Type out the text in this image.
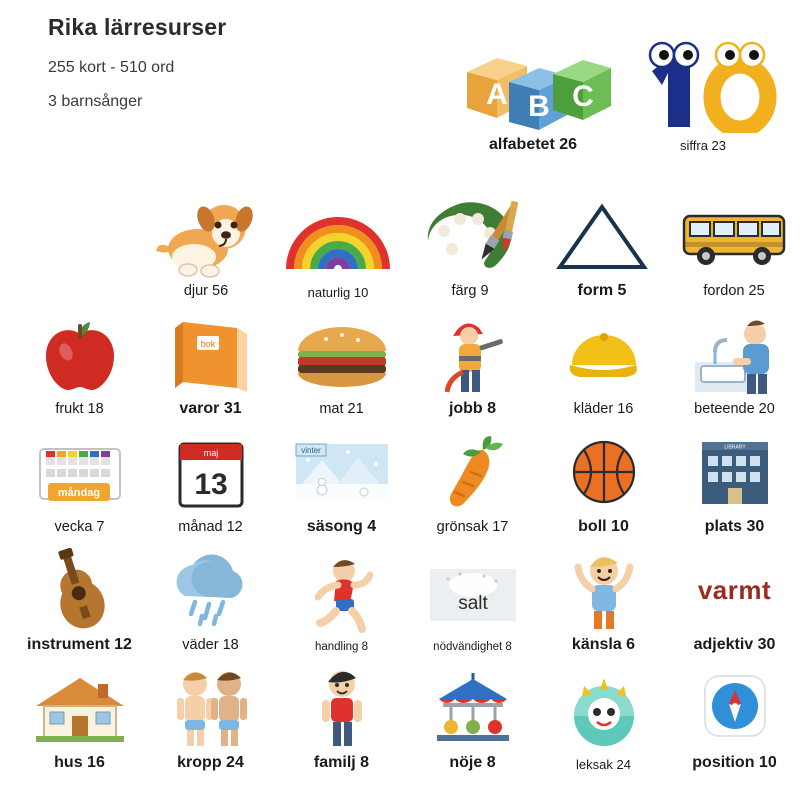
Rika lärresurser
255 kort - 510 ord
3 barnsånger	A B C
alfabetet 26	siffra 23
djur 56	naturlig 10	färg 9	form 5	fordon 25
frukt 18
bok
varor 31	mat 21	jobb 8	kläder 16	beteende 20
måndag
vecka 7
maj
13
månad 12
vinter
säsong 4	grönsak 17	boll 10
LIBRARY
plats 30
instrument 12	väder 18	handling 8
salt
nödvändighet 8	känsla 6
varmt
adjektiv 30
hus 16	kropp 24	familj 8	nöje 8	leksak 24	position 10
